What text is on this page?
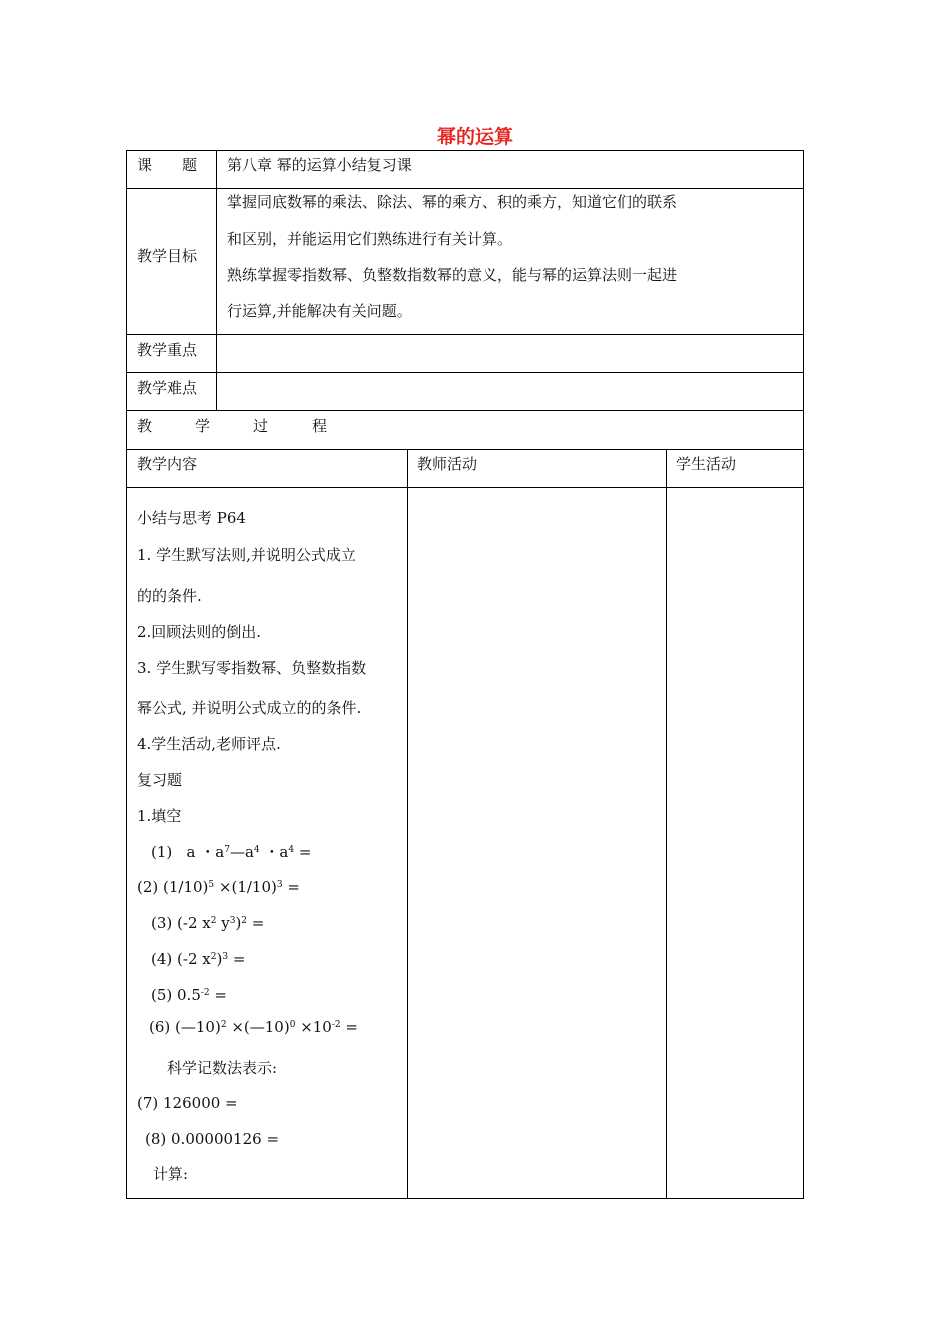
幂的运算
课　　题 第八章 幂的运算小结复习课
教学目标
掌握同底数幂的乘法、除法、幂的乘方、积的乘方，知道它们的联系
和区别，并能运用它们熟练进行有关计算。
熟练掌握零指数幂、负整数指数幂的意义，能与幂的运算法则一起进
行运算,并能解决有关问题。
教学重点
教学难点
教	学	过	程
教学内容	教师活动	学生活动
小结与思考 P64
1. 学生默写法则,并说明公式成立
的的条件.
2.回顾法则的倒出.
3. 学生默写零指数幂、负整数指数
幂公式, 并说明公式成立的的条件.
4.学生活动,老师评点.
复习题
1.填空
(1)   a ・$a^7—a^4$ ・$a^4$ =
(2) $(1/10)^5 \times(1/10)^3$ =
(3) (-2 $x^2$ $y^3)^2$ =
(4) (-2 $x^2)^3$ =
(5) $0.5^{-2}$ =
(6) (—10)$^2$ ×(—10)$^0$ $\times 10^{-2}$ =
科学记数法表示:
(7) 126000 =
(8) 0.00000126 =
计算:
